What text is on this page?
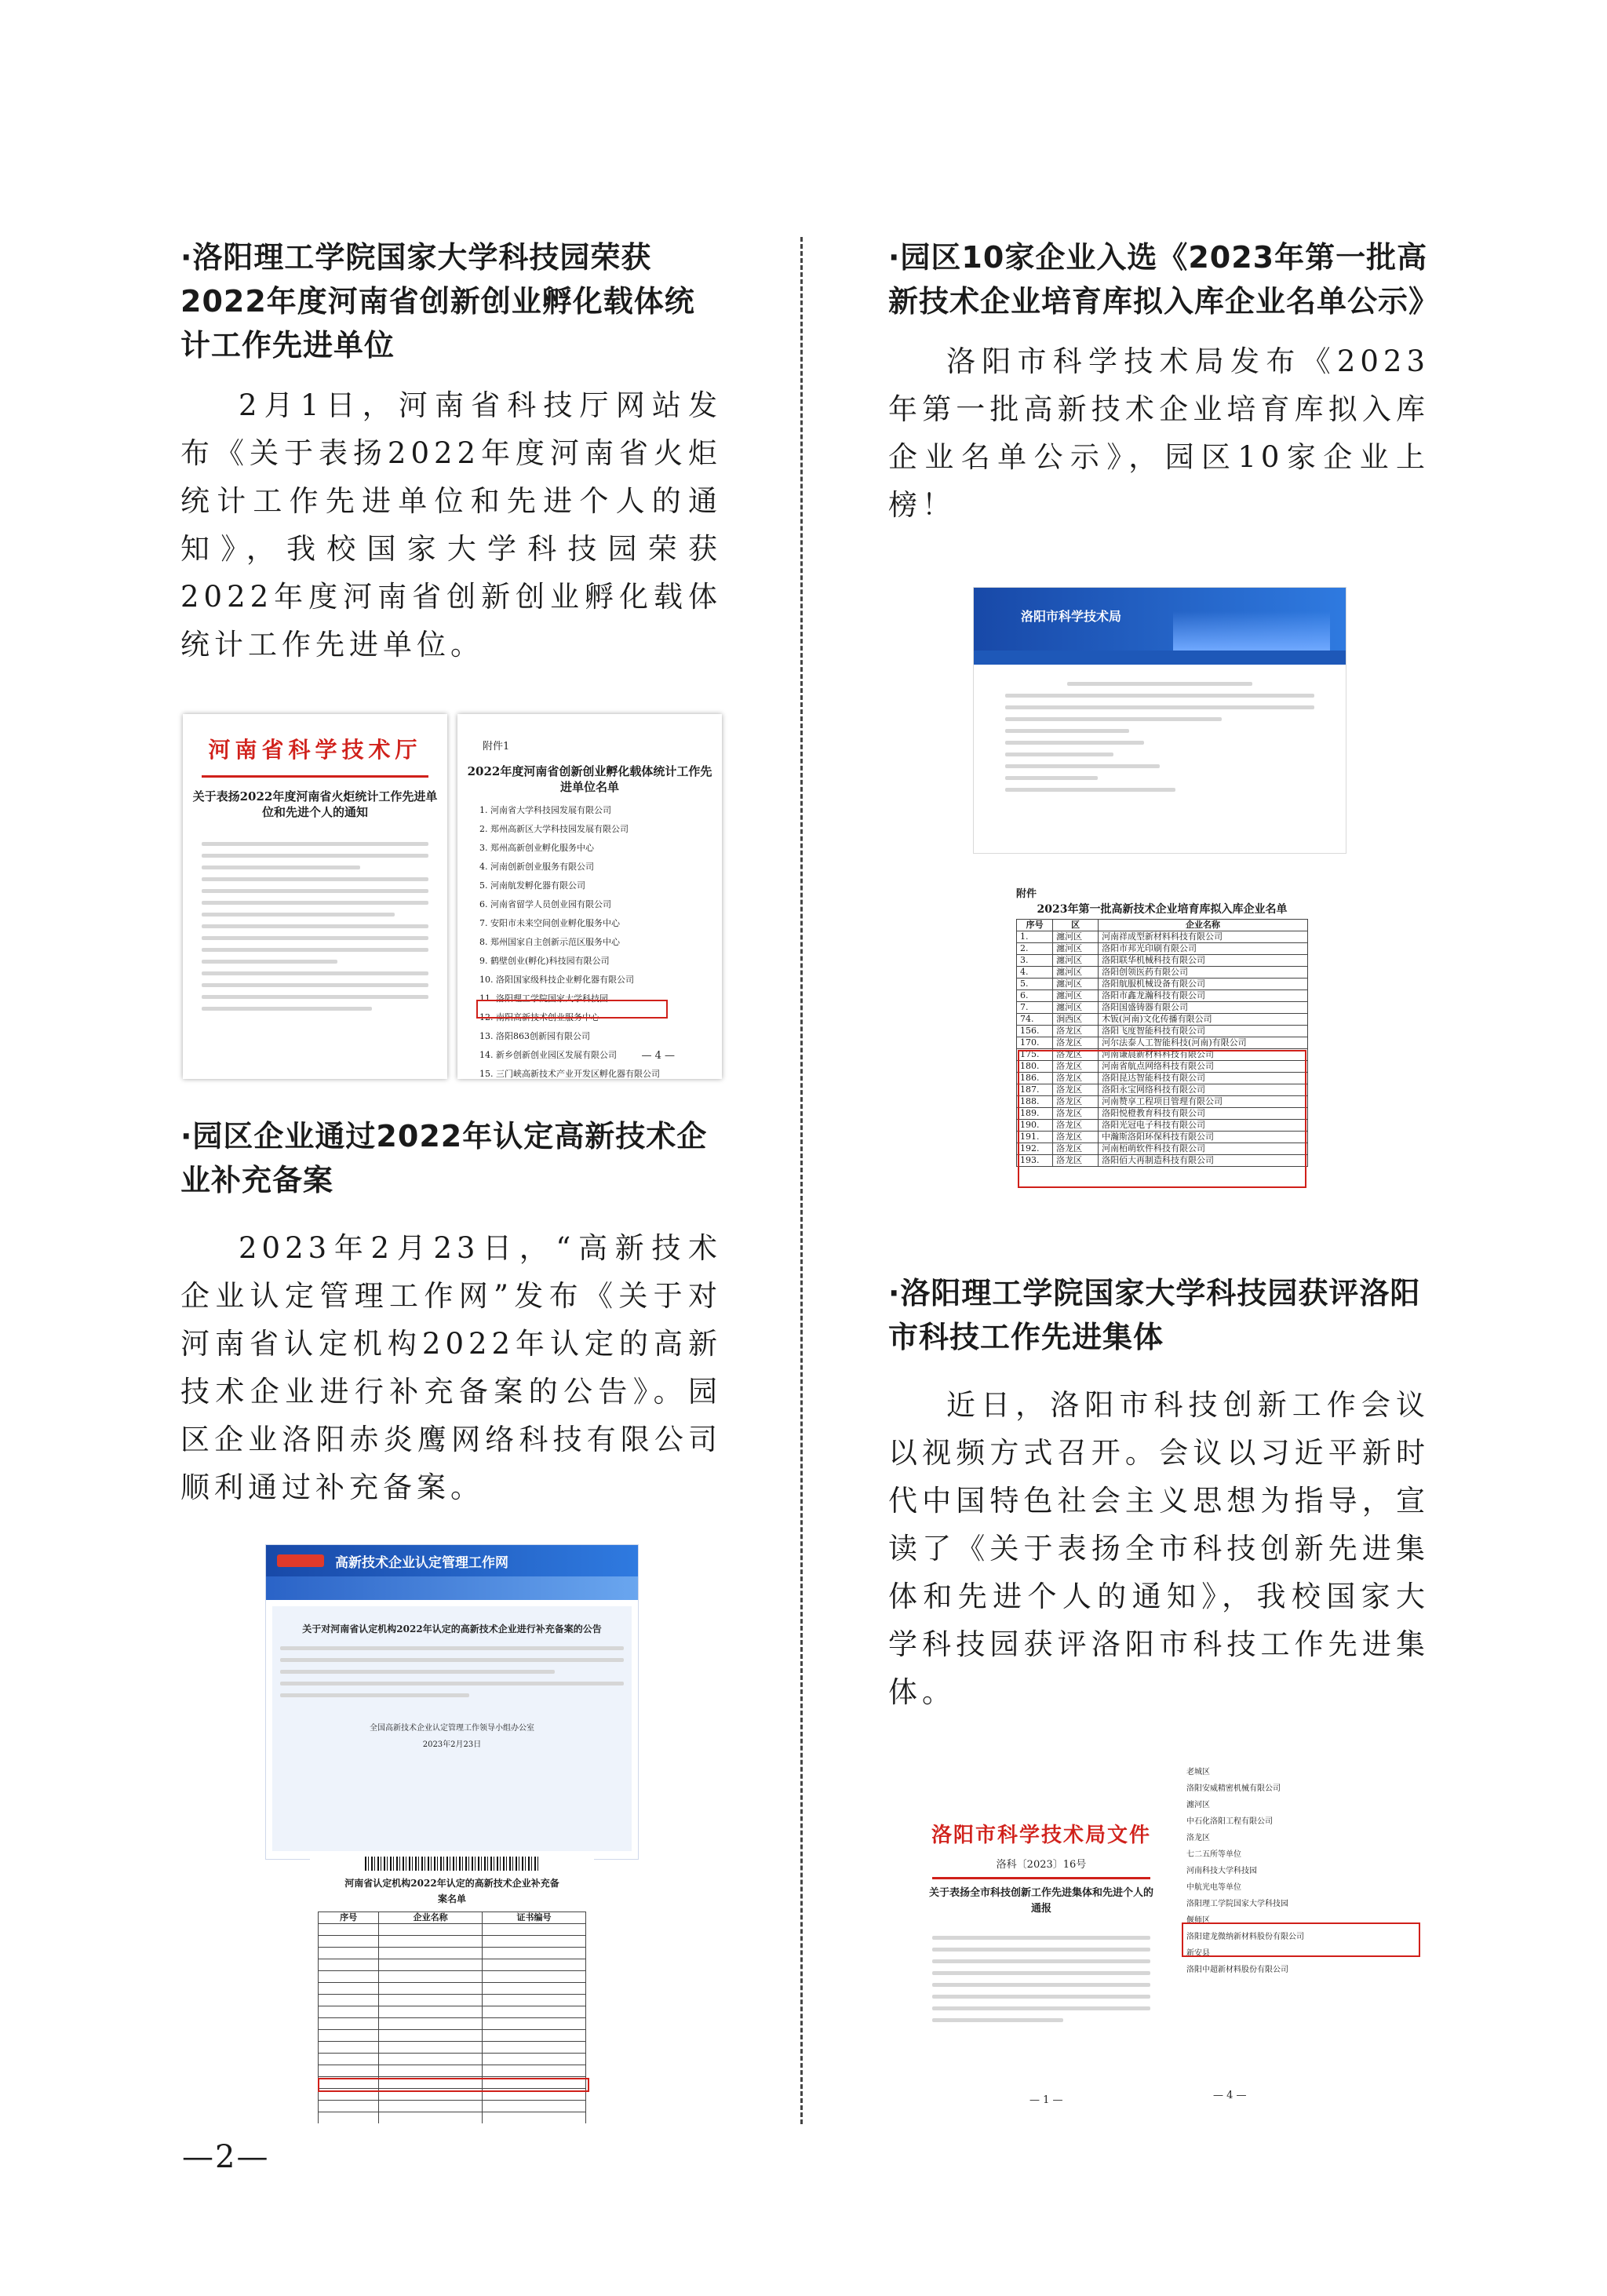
·洛阳理工学院国家大学科技园荣获2022年度河南省创新创业孵化载体统计工作先进单位

2月1日，河南省科技厅网站发布《关于表扬2022年度河南省火炬统计工作先进单位和先进个人的通知》，我校国家大学科技园荣获2022年度河南省创新创业孵化载体统计工作先进单位。

河南省科学技术厅
关于表扬2022年度河南省火炬统计工作先进单位和先进个人的通知
附件1
2022年度河南省创新创业孵化载体统计工作先进单位名单
1. 河南省大学科技园发展有限公司
2. 郑州高新区大学科技园发展有限公司
3. 郑州高新创业孵化服务中心
4. 河南创新创业服务有限公司
5. 河南航发孵化器有限公司
6. 河南省留学人员创业园有限公司
7. 安阳市未来空间创业孵化服务中心
8. 郑州国家自主创新示范区服务中心
9. 鹤壁创业(孵化)科技园有限公司
10. 洛阳国家级科技企业孵化器有限公司
11. 洛阳理工学院国家大学科技园
12. 南阳高新技术创业服务中心
13. 洛阳863创新园有限公司
14. 新乡创新创业园区发展有限公司
15. 三门峡高新技术产业开发区孵化器有限公司
— 4 —
·园区企业通过2022年认定高新技术企业补充备案

2023年2月23日，“高新技术企业认定管理工作网”发布《关于对河南省认定机构2022年认定的高新技术企业进行补充备案的公告》。园区企业洛阳赤炎鹰网络科技有限公司顺利通过补充备案。

高新技术企业认定管理工作网
关于对河南省认定机构2022年认定的高新技术企业进行补充备案的公告
全国高新技术企业认定管理工作领导小组办公室
2023年2月23日
河南省认定机构2022年认定的高新技术企业补充备案名单
序号	企业名称	证书编号

·园区10家企业入选《2023年第一批高新技术企业培育库拟入库企业名单公示》

洛阳市科学技术局发布《2023年第一批高新技术企业培育库拟入库企业名单公示》，园区10家企业上榜！

洛阳市科学技术局
附件
2023年第一批高新技术企业培育库拟入库企业名单
序号	区	企业名称
1.	瀍河区	河南祥成型新材料科技有限公司
2.	瀍河区	洛阳市邦光印刷有限公司
3.	瀍河区	洛阳联华机械科技有限公司
4.	瀍河区	洛阳创领医药有限公司
5.	瀍河区	洛阳航服机械设备有限公司
6.	瀍河区	洛阳市鑫龙瀚科技有限公司
7.	瀍河区	洛阳国盛铸器有限公司
74.	涧西区	木钣(河南)文化传播有限公司
156.	洛龙区	洛阳飞度智能科技有限公司
170.	洛龙区	河尔法泰人工智能科技(河南)有限公司
175.	洛龙区	河南谦晨新材料科技有限公司
180.	洛龙区	河南省航点网络科技有限公司
186.	洛龙区	洛阳昆达智能科技有限公司
187.	洛龙区	洛阳永宝网络科技有限公司
188.	洛龙区	河南赞享工程项目管理有限公司
189.	洛龙区	洛阳悦橙教育科技有限公司
190.	洛龙区	洛阳光冠电子科技有限公司
191.	洛龙区	中瀚斯洛阳环保科技有限公司
192.	洛龙区	河南栢萌软件科技有限公司
193.	洛龙区	洛阳佰大再制造科技有限公司
·洛阳理工学院国家大学科技园获评洛阳市科技工作先进集体

近日，洛阳市科技创新工作会议以视频方式召开。会议以习近平新时代中国特色社会主义思想为指导，宣读了《关于表扬全市科技创新先进集体和先进个人的通知》，我校国家大学科技园获评洛阳市科技工作先进集体。

洛阳市科学技术局文件
洛科〔2023〕16号
关于表扬全市科技创新工作先进集体和先进个人的通报
— 1 —
老城区
洛阳安威精密机械有限公司
瀍河区
中石化洛阳工程有限公司
洛龙区
七二五所等单位
河南科技大学科技园
中航光电等单位
洛阳理工学院国家大学科技园
偃师区
洛阳建龙微纳新材料股份有限公司
新安县
洛阳中超新材料股份有限公司
— 4 —
—2—
